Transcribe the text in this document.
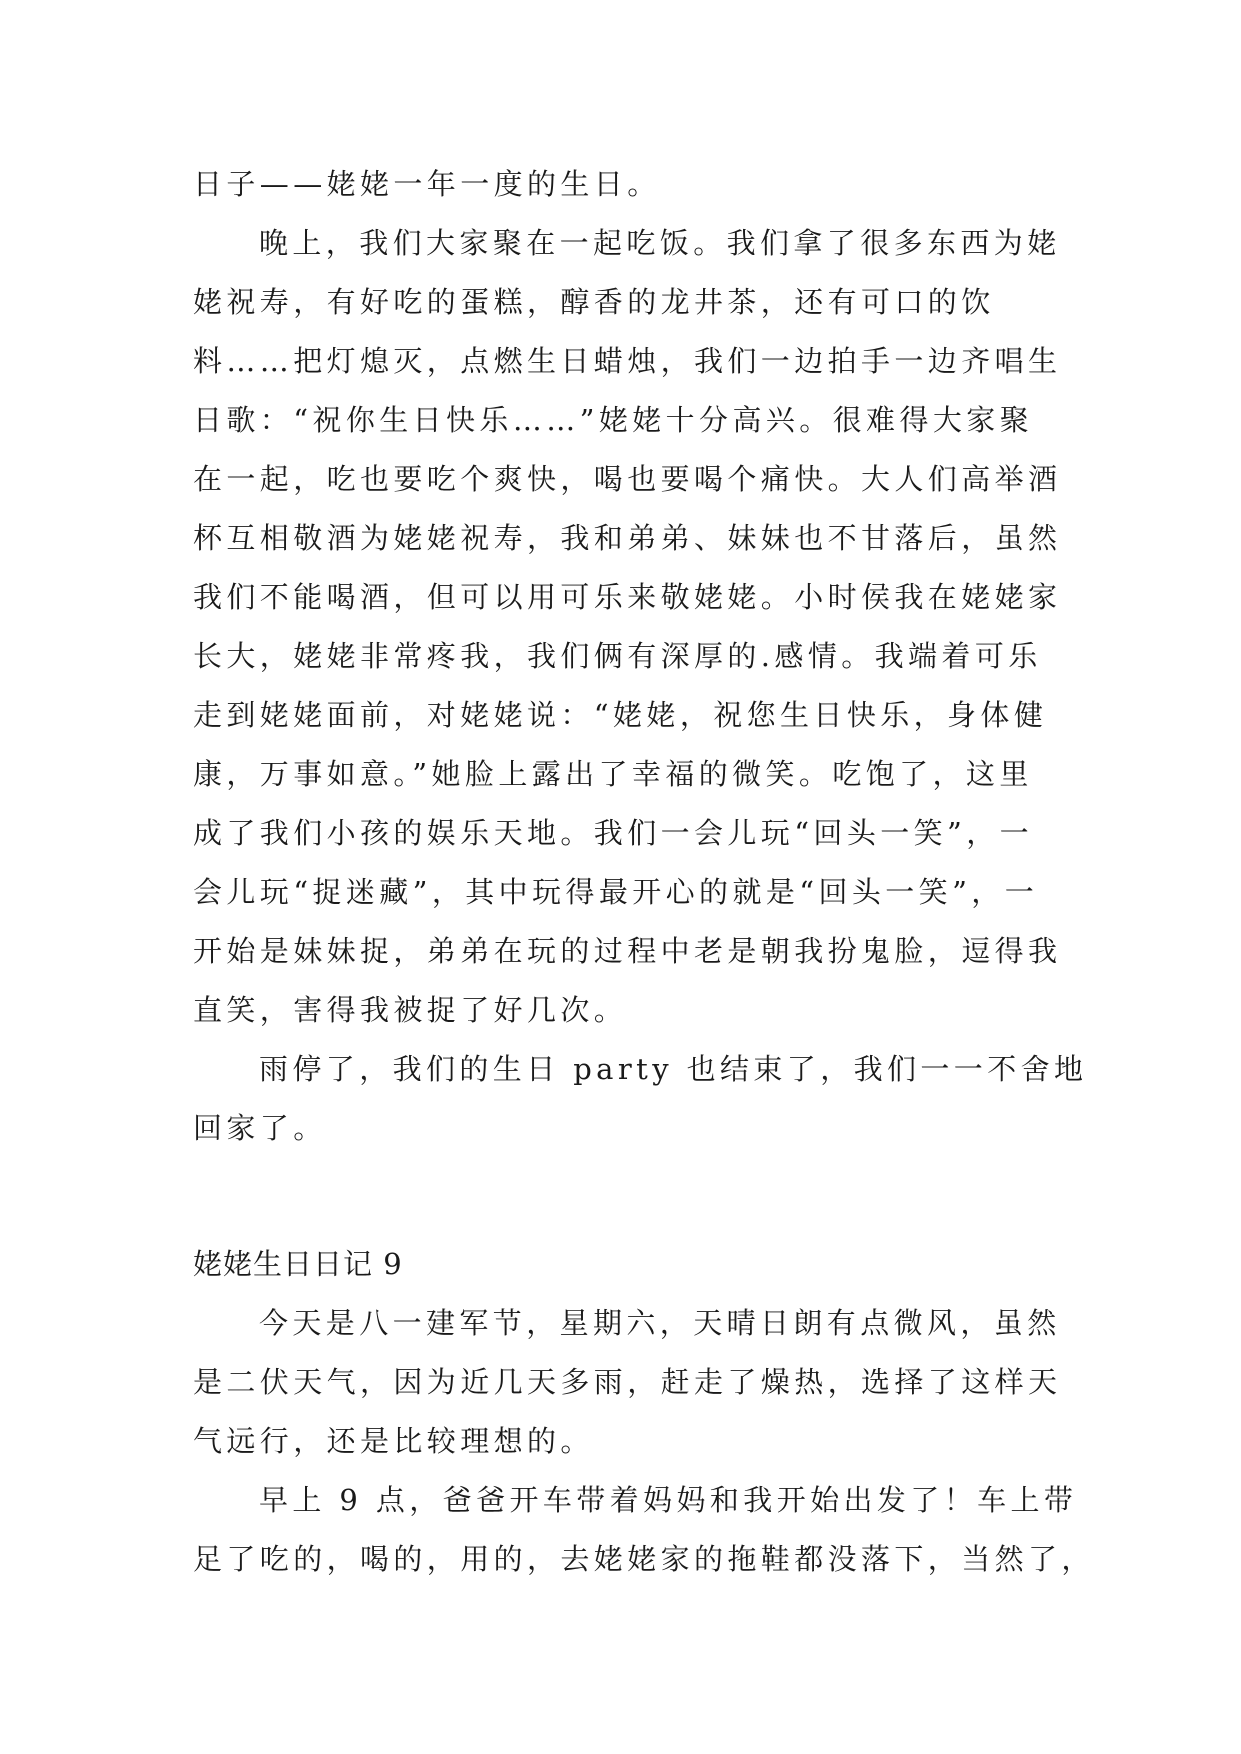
日子——姥姥一年一度的生日。
晚上，我们大家聚在一起吃饭。我们拿了很多东西为姥
姥祝寿，有好吃的蛋糕，醇香的龙井茶，还有可口的饮
料……把灯熄灭，点燃生日蜡烛，我们一边拍手一边齐唱生
日歌：“祝你生日快乐……”姥姥十分高兴。很难得大家聚
在一起，吃也要吃个爽快，喝也要喝个痛快。大人们高举酒
杯互相敬酒为姥姥祝寿，我和弟弟、妹妹也不甘落后，虽然
我们不能喝酒，但可以用可乐来敬姥姥。小时侯我在姥姥家
长大，姥姥非常疼我，我们俩有深厚的.感情。我端着可乐
走到姥姥面前，对姥姥说：“姥姥，祝您生日快乐，身体健
康，万事如意。”她脸上露出了幸福的微笑。吃饱了，这里
成了我们小孩的娱乐天地。我们一会儿玩“回头一笑”，一
会儿玩“捉迷藏”，其中玩得最开心的就是“回头一笑”，一
开始是妹妹捉，弟弟在玩的过程中老是朝我扮鬼脸，逗得我
直笑，害得我被捉了好几次。
雨停了，我们的生日 party 也结束了，我们一一不舍地
回家了。
姥姥生日日记 9
今天是八一建军节，星期六，天晴日朗有点微风，虽然
是二伏天气，因为近几天多雨，赶走了燥热，选择了这样天
气远行，还是比较理想的。
早上 9 点，爸爸开车带着妈妈和我开始出发了！车上带
足了吃的，喝的，用的，去姥姥家的拖鞋都没落下，当然了，
